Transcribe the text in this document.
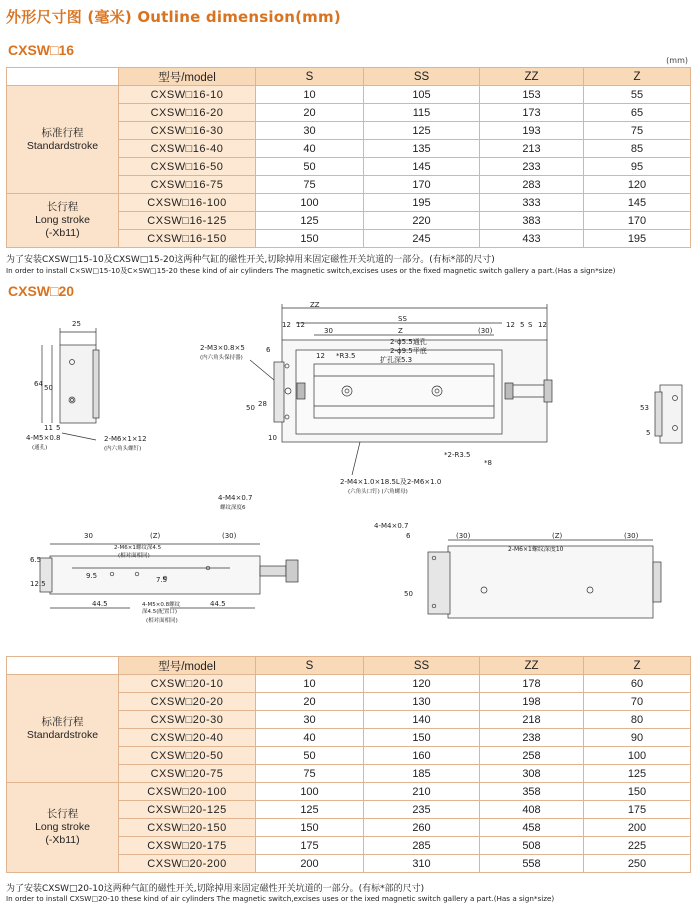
外形尺寸图 (毫米) Outline dimension(mm)
(mm)
CXSW□16
	型号/model	S	SS	ZZ	Z

标准行程
Standardstroke	CXSW□16-10	10	105	153	55
	CXSW□16-20	20	115	173	65
	CXSW□16-30	30	125	193	75
	CXSW□16-40	40	135	213	85
	CXSW□16-50	50	145	233	95
	CXSW□16-75	75	170	283	120

长行程
Long stroke
(-Xb11)	CXSW□16-100	100	195	333	145
	CXSW□16-125	125	220	383	170
	CXSW□16-150	150	245	433	195
为了安装CXSW□15-10及CXSW□15-20这两种气缸的磁性开关,切除掉用来固定磁性开关坑道的一部分。(有标*部的尺寸)
In order to install C×SW□15-10及C×SW□15-20 these kind of air cylinders The magnetic switch,excises uses or the fixed magnetic switch gallery a part.(Has a sign*size)
CXSW□20
ZZ
SS
Z
S
12 12
30	(30)
12 5 12
2-M3×0.8×5
(内六角头保持器)
6
12 *R3.5
2-ϕ5.5通孔
2-ϕ9.5平底
扩孔深5.3
50 28
10
*2-R3.5
*8
2-M4×1.0×18.5L及2-M6×1.0
(六角头口钉) (六角螺母)
4-M4×0.7
螺纹深度6
25
64 50
11 5
4-M5×0.8
(通孔)
2-M6×1×12
(内六角头螺钉)
53
5
30	(Z)	(30)
6.5
12.5
9.5	7.5
44.5	44.5
2-M6×1螺纹深4.5
(相对面相同)
4-M5×0.8螺纹
深4.5(配置口)
(相对面相同)
4-M4×0.7
6	(30)	(Z)	(30)
2-M6×1螺纹深度10
50
	型号/model	S	SS	ZZ	Z

标准行程
Standardstroke	CXSW□20-10	10	120	178	60
	CXSW□20-20	20	130	198	70
	CXSW□20-30	30	140	218	80
	CXSW□20-40	40	150	238	90
	CXSW□20-50	50	160	258	100
	CXSW□20-75	75	185	308	125

长行程
Long stroke
(-Xb11)	CXSW□20-100	100	210	358	150
	CXSW□20-125	125	235	408	175
	CXSW□20-150	150	260	458	200
	CXSW□20-175	175	285	508	225
	CXSW□20-200	200	310	558	250
为了安装CXSW□20-10这两种气缸的磁性开关,切除掉用来固定磁性开关坑道的一部分。(有标*部的尺寸)
In order to install CXSW□20-10 these kind of air cylinders The magnetic switch,excises uses or the ixed magnetic switch gallery a part.(Has a sign*size)
